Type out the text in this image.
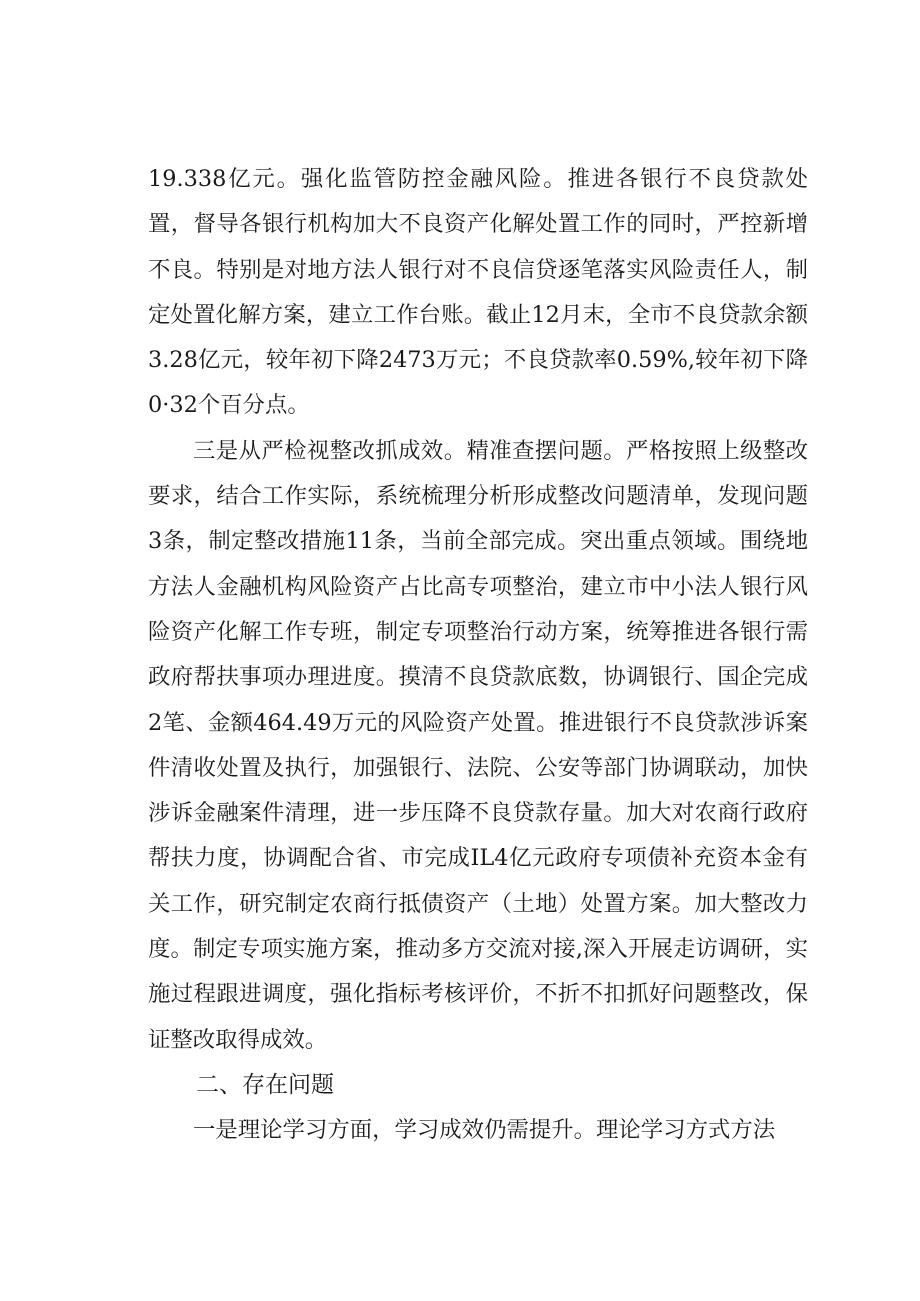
19.338亿元。强化监管防控金融风险。推进各银行不良贷款处置，督导各银行机构加大不良资产化解处置工作的同时，严控新增不良。特别是对地方法人银行对不良信贷逐笔落实风险责任人，制定处置化解方案，建立工作台账。截止12月末，全市不良贷款余额3.28亿元，较年初下降2473万元；不良贷款率0.59%,较年初下降0·32个百分点。

三是从严检视整改抓成效。精准查摆问题。严格按照上级整改要求，结合工作实际，系统梳理分析形成整改问题清单，发现问题3条，制定整改措施11条，当前全部完成。突出重点领域。围绕地方法人金融机构风险资产占比高专项整治，建立市中小法人银行风险资产化解工作专班，制定专项整治行动方案，统筹推进各银行需政府帮扶事项办理进度。摸清不良贷款底数，协调银行、国企完成2笔、金额464.49万元的风险资产处置。推进银行不良贷款涉诉案件清收处置及执行，加强银行、法院、公安等部门协调联动，加快涉诉金融案件清理，进一步压降不良贷款存量。加大对农商行政府帮扶力度，协调配合省、市完成IL4亿元政府专项债补充资本金有关工作，研究制定农商行抵债资产（土地）处置方案。加大整改力度。制定专项实施方案，推动多方交流对接,深入开展走访调研，实施过程跟进调度，强化指标考核评价，不折不扣抓好问题整改，保证整改取得成效。

二、存在问题

一是理论学习方面，学习成效仍需提升。理论学习方式方法
